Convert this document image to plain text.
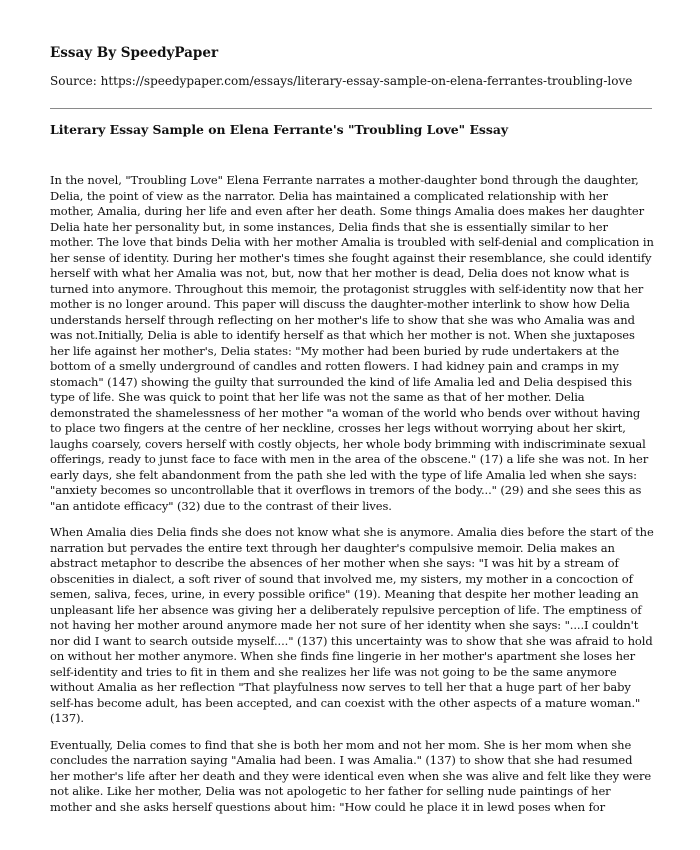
Essay By SpeedyPaper
Source: https://speedypaper.com/essays/literary-essay-sample-on-elena-ferrantes-troubling-love
Literary Essay Sample on Elena Ferrante's "Troubling Love" Essay

In the novel, "Troubling Love" Elena Ferrante narrates a mother-daughter bond through the daughter, Delia, the point of view as the narrator. Delia has maintained a complicated relationship with her mother, Amalia, during her life and even after her death. Some things Amalia does makes her daughter Delia hate her personality but, in some instances, Delia finds that she is essentially similar to her mother. The love that binds Delia with her mother Amalia is troubled with self-denial and complication in her sense of identity. During her mother's times she fought against their resemblance, she could identify herself with what her Amalia was not, but, now that her mother is dead, Delia does not know what is turned into anymore. Throughout this memoir, the protagonist struggles with self-identity now that her mother is no longer around. This paper will discuss the daughter-mother interlink to show how Delia understands herself through reflecting on her mother's life to show that she was who Amalia was and was not.Initially, Delia is able to identify herself as that which her mother is not. When she juxtaposes her life against her mother's, Delia states: "My mother had been buried by rude undertakers at the bottom of a smelly underground of candles and rotten flowers. I had kidney pain and cramps in my stomach" (147) showing the guilty that surrounded the kind of life Amalia led and Delia despised this type of life. She was quick to point that her life was not the same as that of her mother. Delia demonstrated the shamelessness of her mother "a woman of the world who bends over without having to place two fingers at the centre of her neckline, crosses her legs without worrying about her skirt, laughs coarsely, covers herself with costly objects, her whole body brimming with indiscriminate sexual offerings, ready to junst face to face with men in the area of the obscene." (17) a life she was not. In her early days, she felt abandonment from the path she led with the type of life Amalia led when she says: "anxiety becomes so uncontrollable that it overflows in tremors of the body..." (29) and she sees this as "an antidote efficacy" (32) due to the contrast of their lives.

When Amalia dies Delia finds she does not know what she is anymore. Amalia dies before the start of the narration but pervades the entire text through her daughter's compulsive memoir. Delia makes an abstract metaphor to describe the absences of her mother when she says: "I was hit by a stream of obscenities in dialect, a soft river of sound that involved me, my sisters, my mother in a concoction of semen, saliva, feces, urine, in every possible orifice" (19). Meaning that despite her mother leading an unpleasant life her absence was giving her a deliberately repulsive perception of life. The emptiness of not having her mother around anymore made her not sure of her identity when she says: "....I couldn't nor did I want to search outside myself...." (137) this uncertainty was to show that she was afraid to hold on without her mother anymore. When she finds fine lingerie in her mother's apartment she loses her self-identity and tries to fit in them and she realizes her life was not going to be the same anymore without Amalia as her reflection "That playfulness now serves to tell her that a huge part of her baby self-has become adult, has been accepted, and can coexist with the other aspects of a mature woman." (137).

Eventually, Delia comes to find that she is both her mom and not her mom. She is her mom when she concludes the narration saying "Amalia had been. I was Amalia." (137) to show that she had resumed her mother's life after her death and they were identical even when she was alive and felt like they were not alike. Like her mother, Delia was not apologetic to her father for selling nude paintings of her mother and she asks herself questions about him: "How could he place it in lewd poses when for
